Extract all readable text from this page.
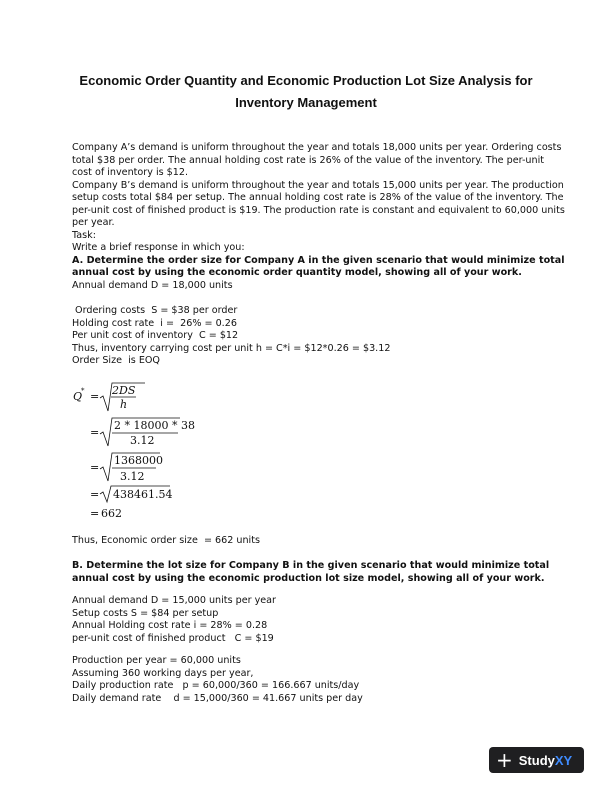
Economic Order Quantity and Economic Production Lot Size Analysis for
Inventory Management
Company A’s demand is uniform throughout the year and totals 18,000 units per year. Ordering costs
total $38 per order. The annual holding cost rate is 26% of the value of the inventory. The per-unit
cost of inventory is $12.
Company B’s demand is uniform throughout the year and totals 15,000 units per year. The production
setup costs total $84 per setup. The annual holding cost rate is 28% of the value of the inventory. The
per-unit cost of finished product is $19. The production rate is constant and equivalent to 60,000 units
per year.
Task:
Write a brief response in which you:
A. Determine the order size for Company A in the given scenario that would minimize total
annual cost by using the economic order quantity model, showing all of your work.
Annual demand D = 18,000 units
Ordering costs  S = $38 per order
Holding cost rate  i =  26% = 0.26
Per unit cost of inventory  C = $12
Thus, inventory carrying cost per unit h = C*i = $12*0.26 = $3.12
Order Size  is EOQ
Q
* = 2DS
h
=
2 * 18000 * 38
3.12
=
1368000
3.12
= 438461.54
= 662
Thus, Economic order size  = 662 units
B. Determine the lot size for Company B in the given scenario that would minimize total
annual cost by using the economic production lot size model, showing all of your work.
Annual demand D = 15,000 units per year
Setup costs S = $84 per setup
Annual Holding cost rate i = 28% = 0.28
per-unit cost of finished product   C = $19
Production per year = 60,000 units
Assuming 360 working days per year,
Daily production rate   p = 60,000/360 = 166.667 units/day
Daily demand rate    d = 15,000/360 = 41.667 units per day
+ StudyXY
